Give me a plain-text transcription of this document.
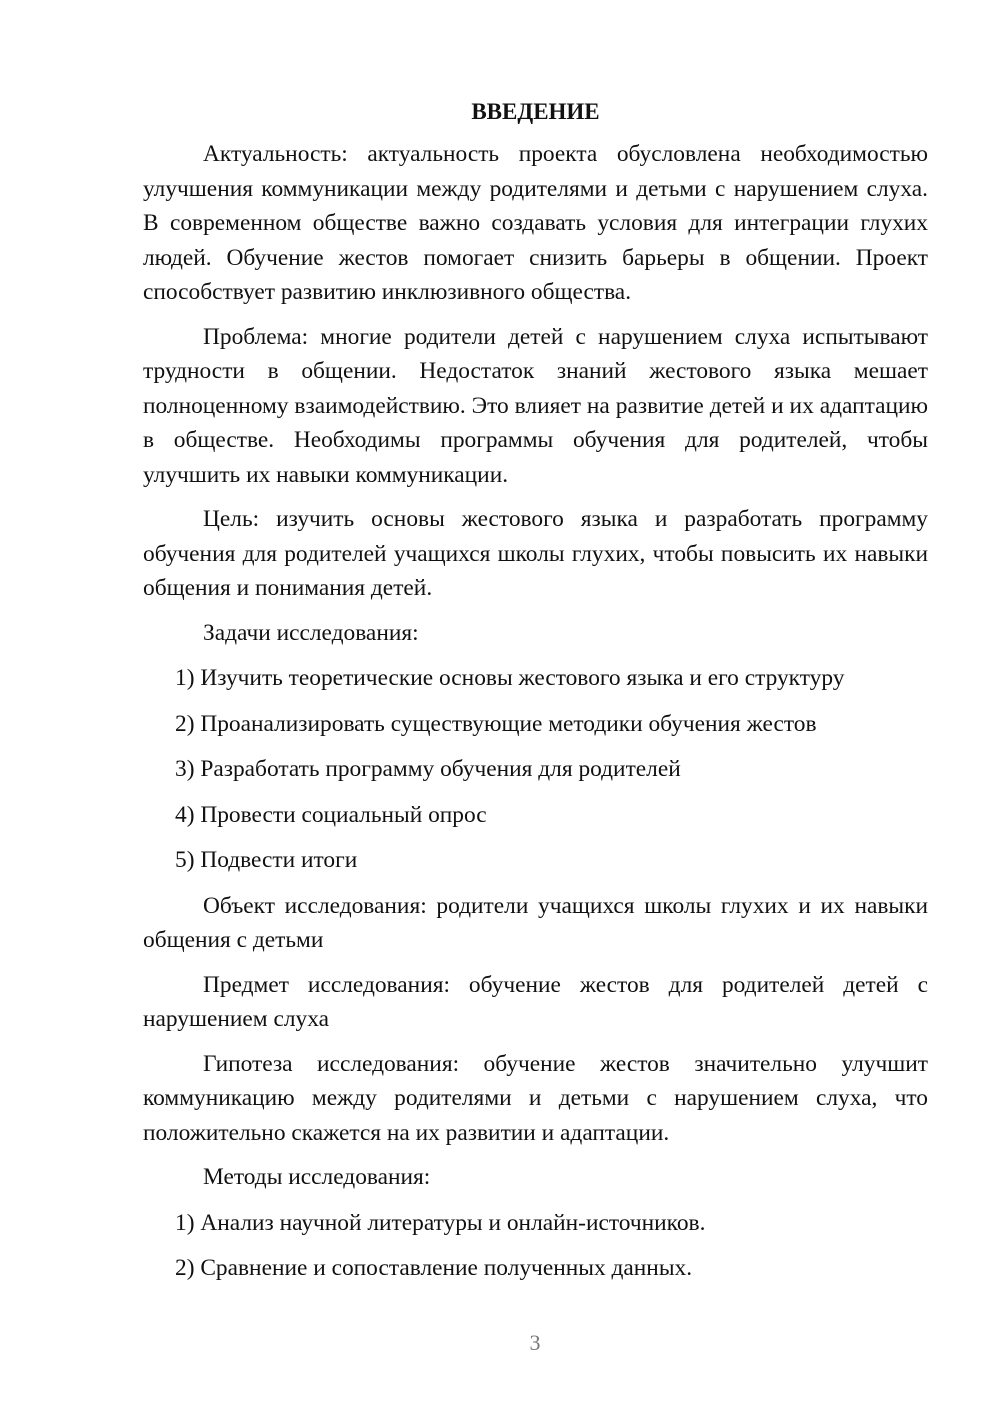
ВВЕДЕНИЕ

Актуальность: актуальность проекта обусловлена необходимостью улучшения коммуникации между родителями и детьми с нарушением слуха. В современном обществе важно создавать условия для интеграции глухих людей. Обучение жестов помогает снизить барьеры в общении. Проект способствует развитию инклюзивного общества.

Проблема: многие родители детей с нарушением слуха испытывают трудности в общении. Недостаток знаний жестового языка мешает полноценному взаимодействию. Это влияет на развитие детей и их адаптацию в обществе. Необходимы программы обучения для родителей, чтобы улучшить их навыки коммуникации.

Цель: изучить основы жестового языка и разработать программу обучения для родителей учащихся школы глухих, чтобы повысить их навыки общения и понимания детей.

Задачи исследования:
1) Изучить теоретические основы жестового языка и его структуру
2) Проанализировать существующие методики обучения жестов
3) Разработать программу обучения для родителей
4) Провести социальный опрос
5) Подвести итоги

Объект исследования: родители учащихся школы глухих и их навыки общения с детьми

Предмет исследования: обучение жестов для родителей детей с нарушением слуха

Гипотеза исследования: обучение жестов значительно улучшит коммуникацию между родителями и детьми с нарушением слуха, что положительно скажется на их развитии и адаптации.

Методы исследования:
1) Анализ научной литературы и онлайн-источников.
2) Сравнение и сопоставление полученных данных.
3
